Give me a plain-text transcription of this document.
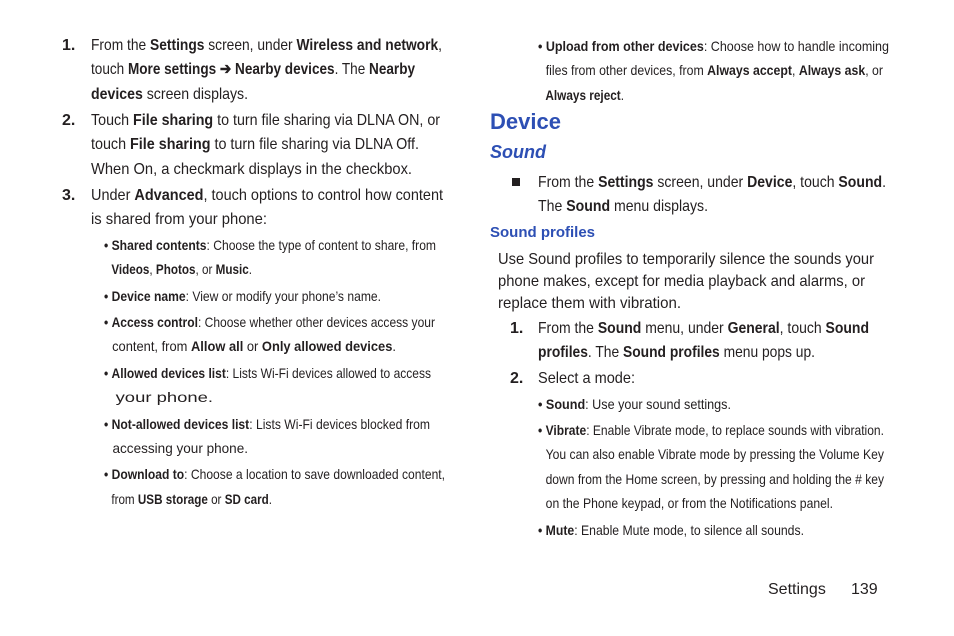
1. From the Settings screen, under Wireless and network,
touch More settings ➔ Nearby devices. The Nearby
devices screen displays.
2. Touch File sharing to turn file sharing via DLNA ON, or
touch File sharing to turn file sharing via DLNA Off.
When On, a checkmark displays in the checkbox.
3. Under Advanced, touch options to control how content
is shared from your phone:
• Shared contents: Choose the type of content to share, from
Videos, Photos, or Music.
• Device name: View or modify your phone’s name.
• Access control: Choose whether other devices access your
content, from Allow all or Only allowed devices.
• Allowed devices list: Lists Wi-Fi devices allowed to access
your phone.
• Not-allowed devices list: Lists Wi-Fi devices blocked from
accessing your phone.
• Download to: Choose a location to save downloaded content,
from USB storage or SD card.
• Upload from other devices: Choose how to handle incoming
files from other devices, from Always accept, Always ask, or
Always reject.
Device
Sound
From the Settings screen, under Device, touch Sound.
The Sound menu displays.
Sound profiles
Use Sound profiles to temporarily silence the sounds your
phone makes, except for media playback and alarms, or
replace them with vibration.
1. From the Sound menu, under General, touch Sound
profiles. The Sound profiles menu pops up.
2. Select a mode:
• Sound: Use your sound settings.
• Vibrate: Enable Vibrate mode, to replace sounds with vibration.
You can also enable Vibrate mode by pressing the Volume Key
down from the Home screen, by pressing and holding the # key
on the Phone keypad, or from the Notifications panel.
• Mute: Enable Mute mode, to silence all sounds.
Settings 139
